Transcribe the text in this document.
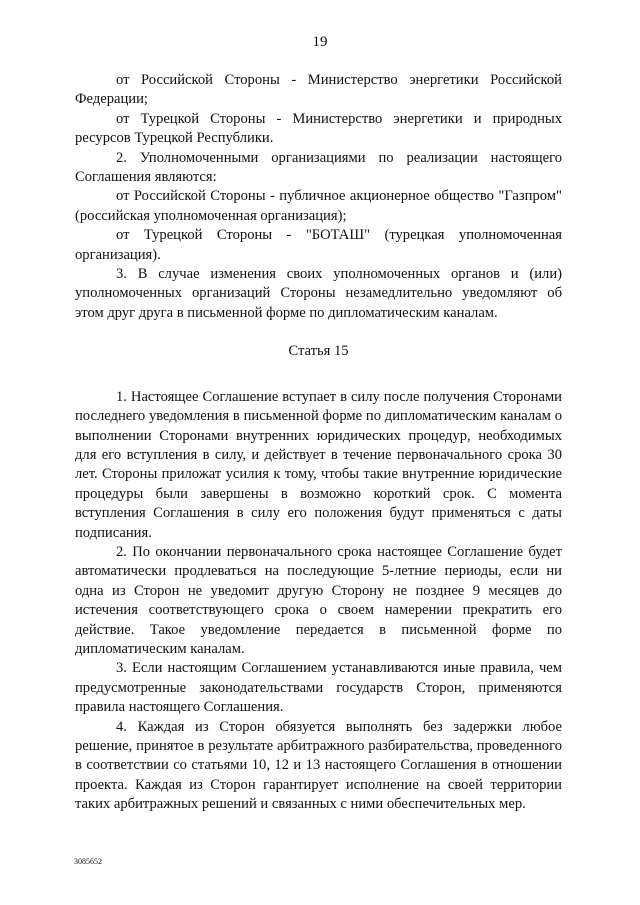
19

от Российской Стороны - Министерство энергетики Российской Федерации;

от Турецкой Стороны - Министерство энергетики и природных ресурсов Турецкой Республики.

2. Уполномоченными организациями по реализации настоящего Соглашения являются:

от Российской Стороны - публичное акционерное общество "Газпром" (российская уполномоченная организация);

от Турецкой Стороны - "БОТАШ" (турецкая уполномоченная организация).

3. В случае изменения своих уполномоченных органов и (или) уполномоченных организаций Стороны незамедлительно уведомляют об этом друг друга в письменной форме по дипломатическим каналам.

Статья 15

1. Настоящее Соглашение вступает в силу после получения Сторонами последнего уведомления в письменной форме по дипломатическим каналам о выполнении Сторонами внутренних юридических процедур, необходимых для его вступления в силу, и действует в течение первоначального срока 30 лет. Стороны приложат усилия к тому, чтобы такие внутренние юридические процедуры были завершены в возможно короткий срок. С момента вступления Соглашения в силу его положения будут применяться с даты подписания.

2. По окончании первоначального срока настоящее Соглашение будет автоматически продлеваться на последующие 5-летние периоды, если ни одна из Сторон не уведомит другую Сторону не позднее 9 месяцев до истечения соответствующего срока о своем намерении прекратить его действие. Такое уведомление передается в письменной форме по дипломатическим каналам.

3. Если настоящим Соглашением устанавливаются иные правила, чем предусмотренные законодательствами государств Сторон, применяются правила настоящего Соглашения.

4. Каждая из Сторон обязуется выполнять без задержки любое решение, принятое в результате арбитражного разбирательства, проведенного в соответствии со статьями 10, 12 и 13 настоящего Соглашения в отношении проекта. Каждая из Сторон гарантирует исполнение на своей территории таких арбитражных решений и связанных с ними обеспечительных мер.

3085652
